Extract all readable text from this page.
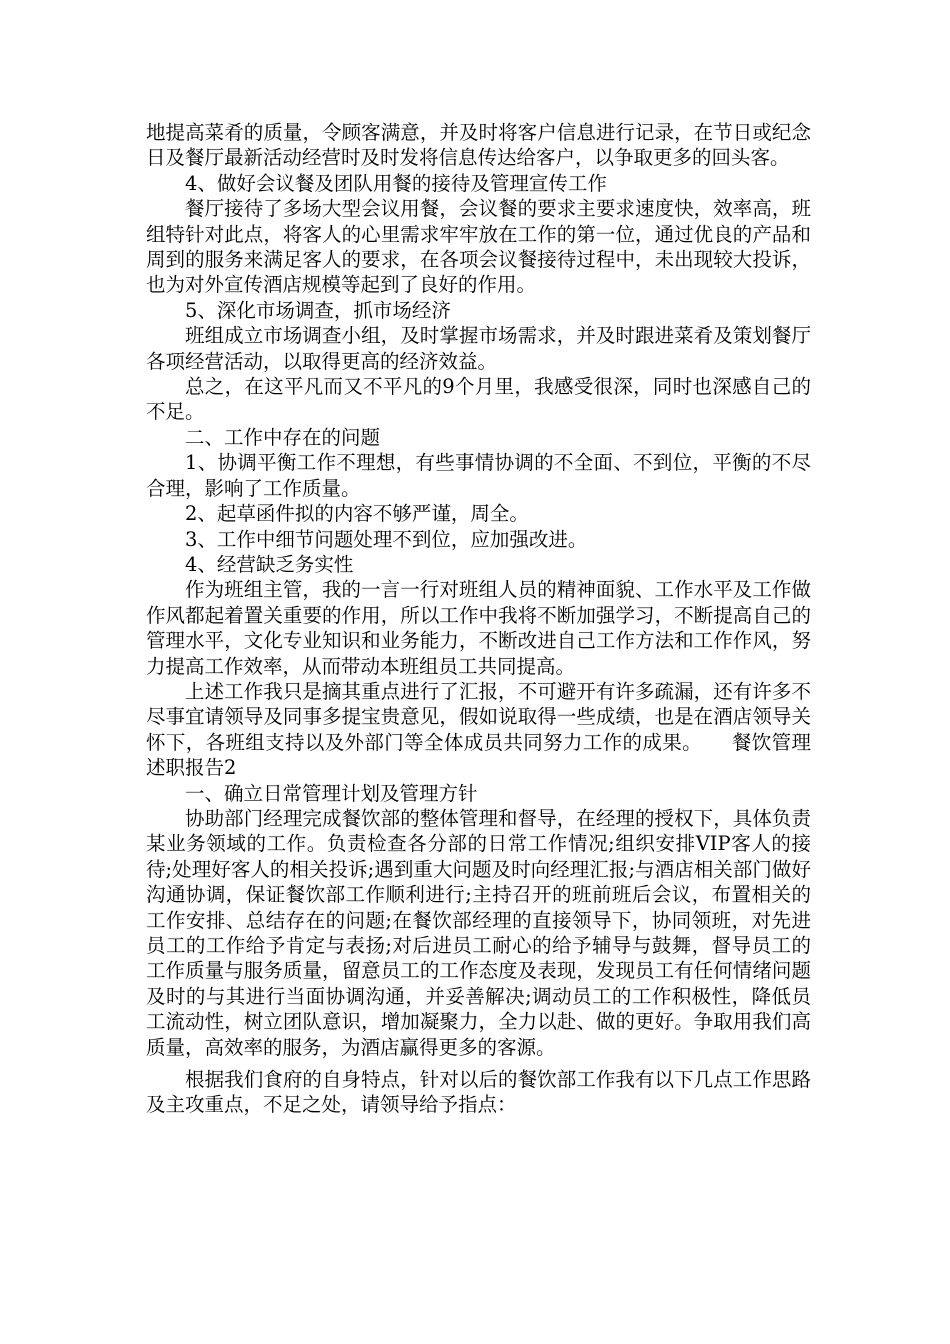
地提高菜肴的质量，令顾客满意，并及时将客户信息进行记录，在节日或纪念日及餐厅最新活动经营时及时发将信息传达给客户，以争取更多的回头客。

4、做好会议餐及团队用餐的接待及管理宣传工作

餐厅接待了多场大型会议用餐，会议餐的要求主要求速度快，效率高，班组特针对此点，将客人的心里需求牢牢放在工作的第一位，通过优良的产品和周到的服务来满足客人的要求，在各项会议餐接待过程中，未出现较大投诉，也为对外宣传酒店规模等起到了良好的作用。

5、深化市场调查，抓市场经济

班组成立市场调查小组，及时掌握市场需求，并及时跟进菜肴及策划餐厅各项经营活动，以取得更高的经济效益。

总之，在这平凡而又不平凡的9个月里，我感受很深，同时也深感自己的不足。

二、工作中存在的问题

1、协调平衡工作不理想，有些事情协调的不全面、不到位，平衡的不尽合理，影响了工作质量。

2、起草函件拟的内容不够严谨，周全。

3、工作中细节问题处理不到位，应加强改进。

4、经营缺乏务实性

作为班组主管，我的一言一行对班组人员的精神面貌、工作水平及工作做作风都起着置关重要的作用，所以工作中我将不断加强学习，不断提高自己的管理水平，文化专业知识和业务能力，不断改进自己工作方法和工作作风，努力提高工作效率，从而带动本班组员工共同提高。

上述工作我只是摘其重点进行了汇报，不可避开有许多疏漏，还有许多不尽事宜请领导及同事多提宝贵意见，假如说取得一些成绩，也是在酒店领导关怀下，各班组支持以及外部门等全体成员共同努力工作的成果。　　餐饮管理述职报告2

一、确立日常管理计划及管理方针

协助部门经理完成餐饮部的整体管理和督导，在经理的授权下，具体负责某业务领域的工作。负责检查各分部的日常工作情况;组织安排VIP客人的接待;处理好客人的相关投诉;遇到重大问题及时向经理汇报;与酒店相关部门做好沟通协调，保证餐饮部工作顺利进行;主持召开的班前班后会议，布置相关的工作安排、总结存在的问题;在餐饮部经理的直接领导下，协同领班，对先进员工的工作给予肯定与表扬;对后进员工耐心的给予辅导与鼓舞，督导员工的工作质量与服务质量，留意员工的工作态度及表现，发现员工有任何情绪问题及时的与其进行当面协调沟通，并妥善解决;调动员工的工作积极性，降低员工流动性，树立团队意识，增加凝聚力，全力以赴、做的更好。争取用我们高质量，高效率的服务，为酒店赢得更多的客源。

根据我们食府的自身特点，针对以后的餐饮部工作我有以下几点工作思路及主攻重点，不足之处，请领导给予指点：
